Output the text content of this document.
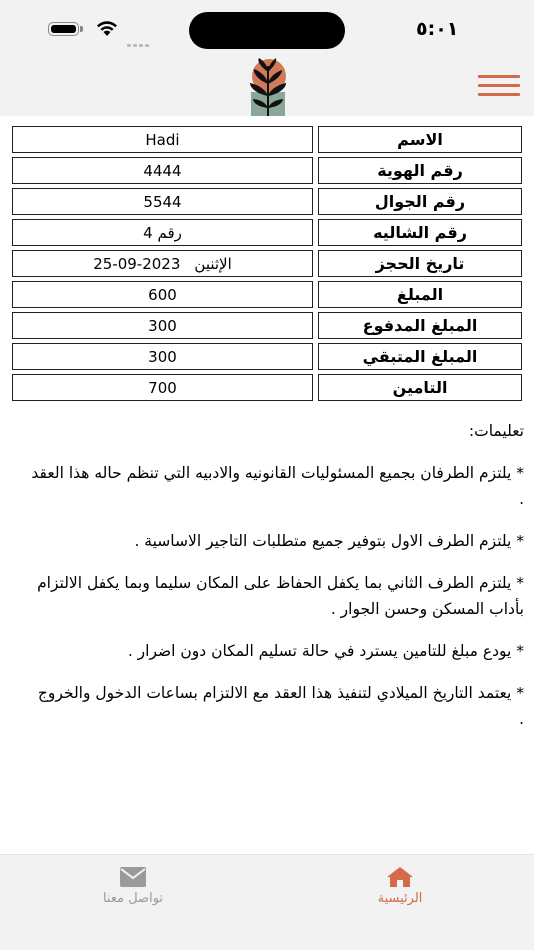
٥:٠١
الاسم
Hadi
رقم الهوية
4444
رقم الجوال
5544
رقم الشاليه
رقم 4
تاريخ الحجز
25-09-2023 الإثنين
المبلغ
600
المبلغ المدفوع
300
المبلغ المتبقي
300
التامين
700
تعليمات:

* يلتزم الطرفان بجميع المسئوليات القانونيه والادبيه التي تنظم حاله هذا العقد .

* يلتزم الطرف الاول بتوفير جميع متطلبات التاجير الاساسية .

* يلتزم الطرف الثاني بما يكفل الحفاظ على المكان سليما وبما يكفل الالتزام بأداب المسكن وحسن الجوار .

* يودع مبلغ للتامين يسترد في حالة تسليم المكان دون اضرار .

* يعتمد التاريخ الميلادي لتنفيذ هذا العقد مع الالتزام بساعات الدخول والخروج .

تواصل معنا	الرئيسية
